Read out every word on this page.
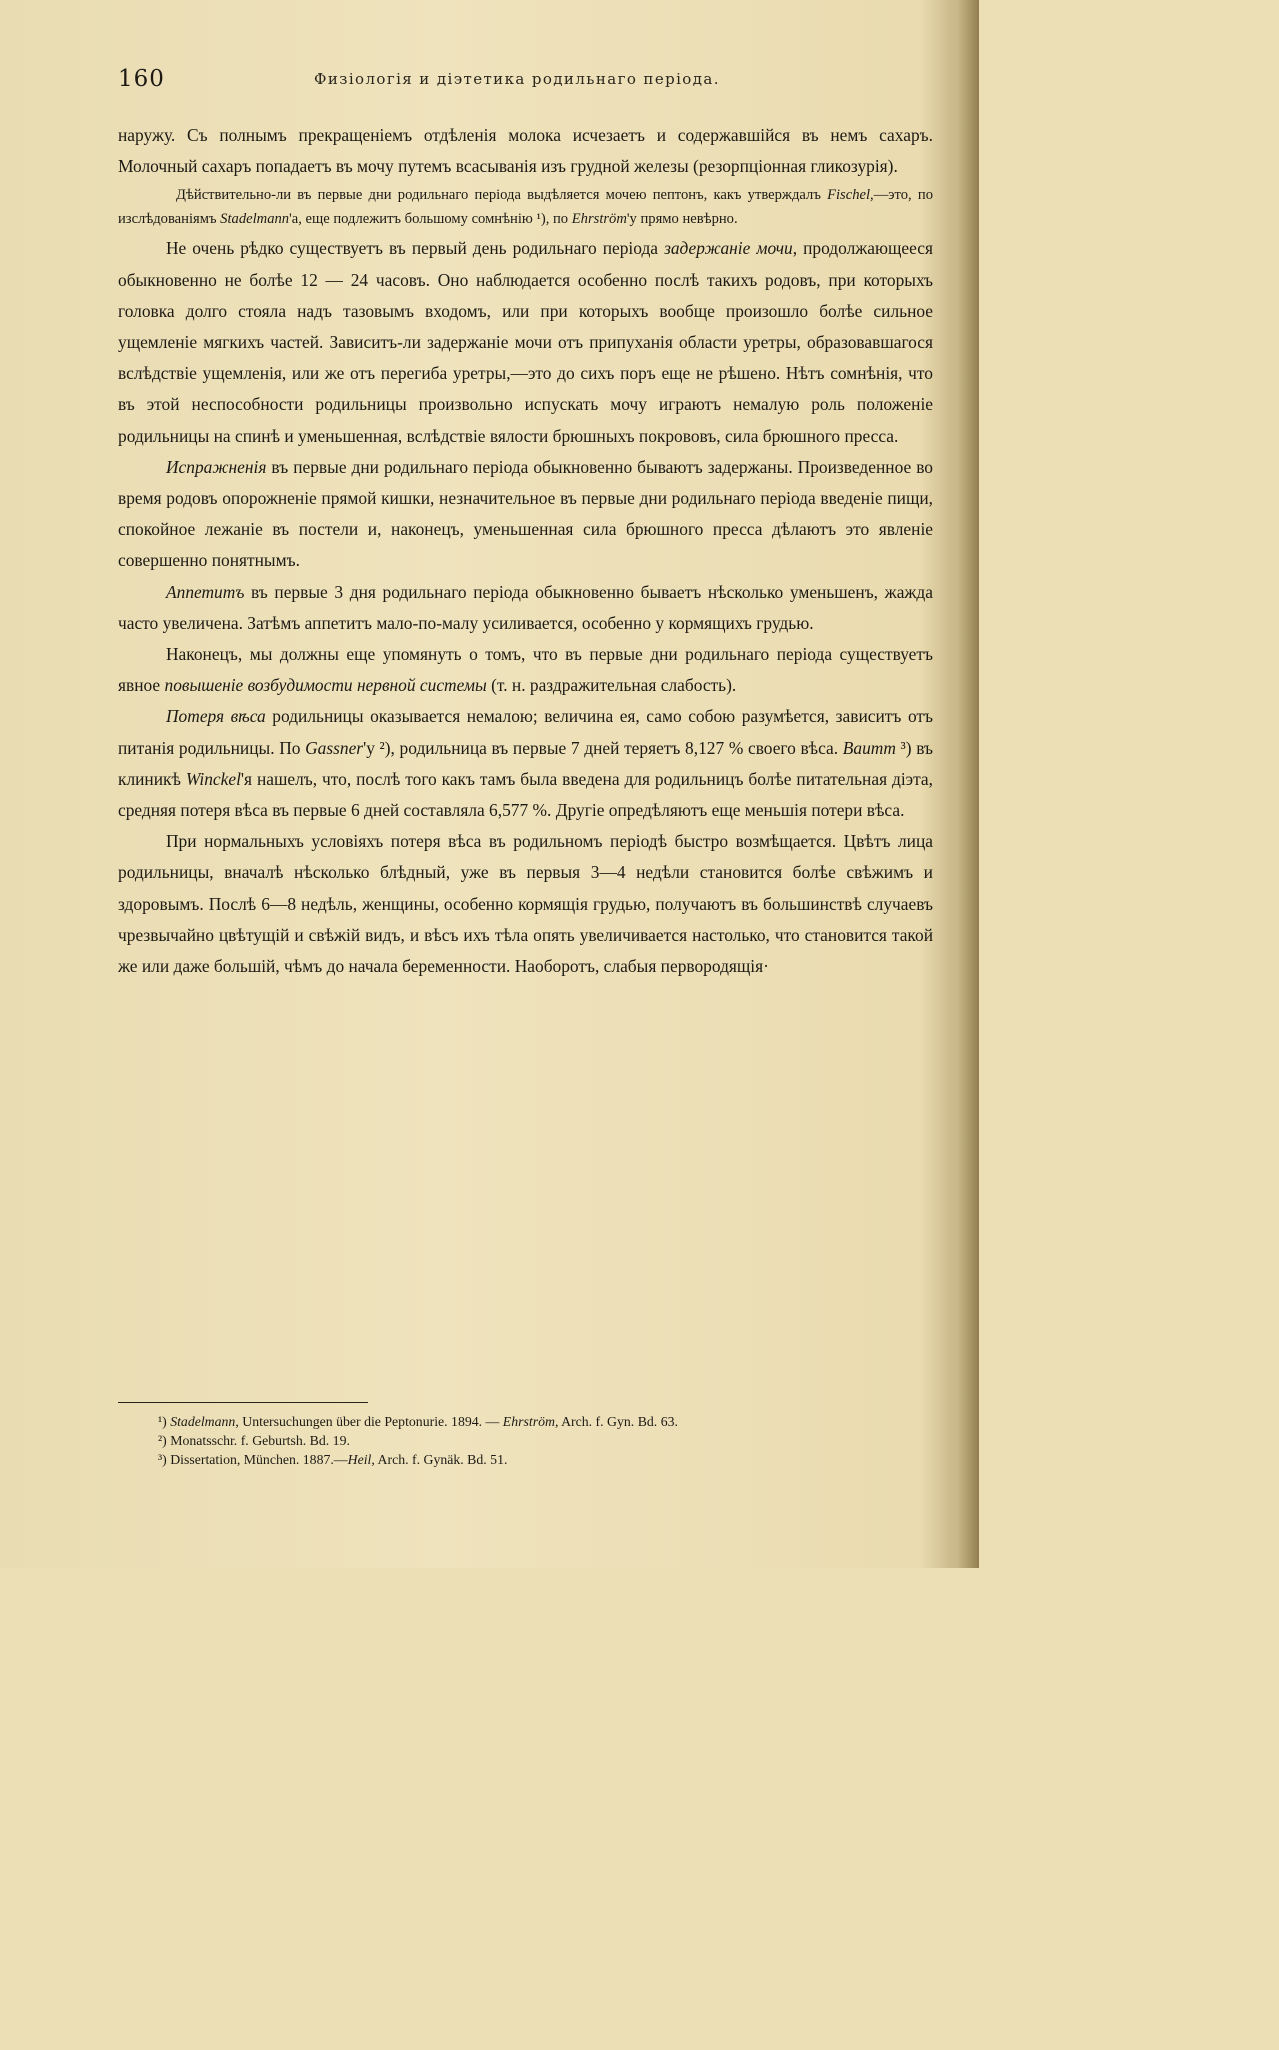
160	Физіологія и діэтетика родильнаго періода.

наружу. Съ полнымъ прекращеніемъ отдѣленія молока исчезаетъ и содержавшійся въ немъ сахаръ. Молочный сахаръ попадаетъ въ мочу путемъ всасыванія изъ грудной железы (резорпціонная гликозурія).

Дѣйствительно-ли въ первые дни родильнаго періода выдѣляется мочею пептонъ, какъ утверждалъ Fischel,—это, по изслѣдованіямъ Stadelmann'а, еще подлежитъ большому сомнѣнію ¹), по Ehrström'у прямо невѣрно.

Не очень рѣдко существуетъ въ первый день родильнаго періода задержаніе мочи, продолжающееся обыкновенно не болѣе 12 — 24 часовъ. Оно наблюдается особенно послѣ такихъ родовъ, при которыхъ головка долго стояла надъ тазовымъ входомъ, или при которыхъ вообще произошло болѣе сильное ущемленіе мягкихъ частей. Зависитъ-ли задержаніе мочи отъ припуханія области уретры, образовавшагося вслѣдствіе ущемленія, или же отъ перегиба уретры,—это до сихъ поръ еще не рѣшено. Нѣтъ сомнѣнія, что въ этой неспособности родильницы произвольно испускать мочу играютъ немалую роль положеніе родильницы на спинѣ и уменьшенная, вслѣдствіе вялости брюшныхъ покрововъ, сила брюшного пресса.

Испражненія въ первые дни родильнаго періода обыкновенно бываютъ задержаны. Произведенное во время родовъ опорожненіе прямой кишки, незначительное въ первые дни родильнаго періода введеніе пищи, спокойное лежаніе въ постели и, наконецъ, уменьшенная сила брюшного пресса дѣлаютъ это явленіе совершенно понятнымъ.

Аппетитъ въ первые 3 дня родильнаго періода обыкновенно бываетъ нѣсколько уменьшенъ, жажда часто увеличена. Затѣмъ аппетитъ мало-по-малу усиливается, особенно у кормящихъ грудью.

Наконецъ, мы должны еще упомянуть о томъ, что въ первые дни родильнаго періода существуетъ явное повышеніе возбудимости нервной системы (т. н. раздражительная слабость).

Потеря вѣса родильницы оказывается немалою; величина ея, само собою разумѣется, зависитъ отъ питанія родильницы. По Gassner'у ²), родильница въ первые 7 дней теряетъ 8,127 % своего вѣса. Baumm ³) въ клиникѣ Winckel'я нашелъ, что, послѣ того какъ тамъ была введена для родильницъ болѣе питательная діэта, средняя потеря вѣса въ первые 6 дней составляла 6,577 %. Другіе опредѣляютъ еще меньшія потери вѣса.

При нормальныхъ условіяхъ потеря вѣса въ родильномъ періодѣ быстро возмѣщается. Цвѣтъ лица родильницы, вначалѣ нѣсколько блѣдный, уже въ первыя 3—4 недѣли становится болѣе свѣжимъ и здоровымъ. Послѣ 6—8 недѣль, женщины, особенно кормящія грудью, получаютъ въ большинствѣ случаевъ чрезвычайно цвѣтущій и свѣжій видъ, и вѣсъ ихъ тѣла опять увеличивается настолько, что становится такой же или даже большій, чѣмъ до начала беременности. Наоборотъ, слабыя первородящія·

¹) Stadelmann, Untersuchungen über die Peptonurie. 1894. — Ehrström, Arch. f. Gyn. Bd. 63.

²) Monatsschr. f. Geburtsh. Bd. 19.

³) Dissertation, München. 1887.—Heil, Arch. f. Gynäk. Bd. 51.
